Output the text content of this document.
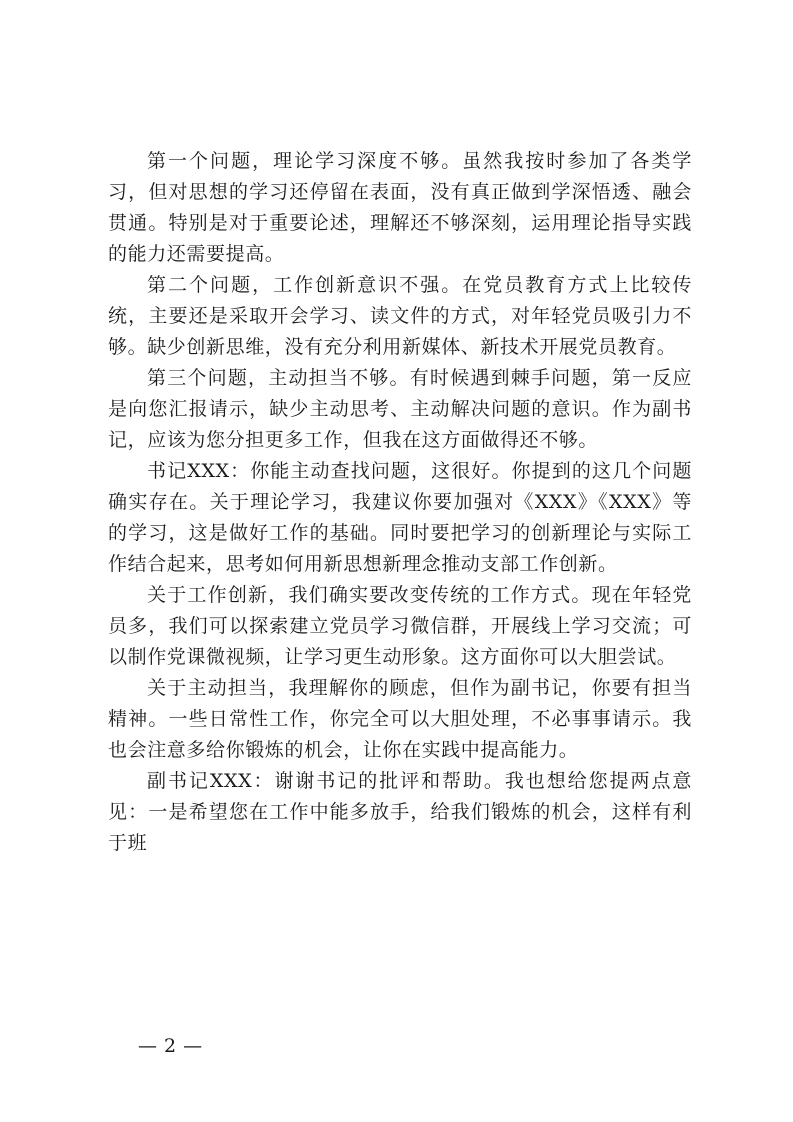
第一个问题，理论学习深度不够。虽然我按时参加了各类学习，但对思想的学习还停留在表面，没有真正做到学深悟透、融会贯通。特别是对于重要论述，理解还不够深刻，运用理论指导实践的能力还需要提高。

第二个问题，工作创新意识不强。在党员教育方式上比较传统，主要还是采取开会学习、读文件的方式，对年轻党员吸引力不够。缺少创新思维，没有充分利用新媒体、新技术开展党员教育。

第三个问题，主动担当不够。有时候遇到棘手问题，第一反应是向您汇报请示，缺少主动思考、主动解决问题的意识。作为副书记，应该为您分担更多工作，但我在这方面做得还不够。

书记XXX：你能主动查找问题，这很好。你提到的这几个问题确实存在。关于理论学习，我建议你要加强对《XXX》《XXX》等的学习，这是做好工作的基础。同时要把学习的创新理论与实际工作结合起来，思考如何用新思想新理念推动支部工作创新。

关于工作创新，我们确实要改变传统的工作方式。现在年轻党员多，我们可以探索建立党员学习微信群，开展线上学习交流；可以制作党课微视频，让学习更生动形象。这方面你可以大胆尝试。

关于主动担当，我理解你的顾虑，但作为副书记，你要有担当精神。一些日常性工作，你完全可以大胆处理，不必事事请示。我也会注意多给你锻炼的机会，让你在实践中提高能力。

副书记XXX：谢谢书记的批评和帮助。我也想给您提两点意见：一是希望您在工作中能多放手，给我们锻炼的机会，这样有利于班

— 2 —
